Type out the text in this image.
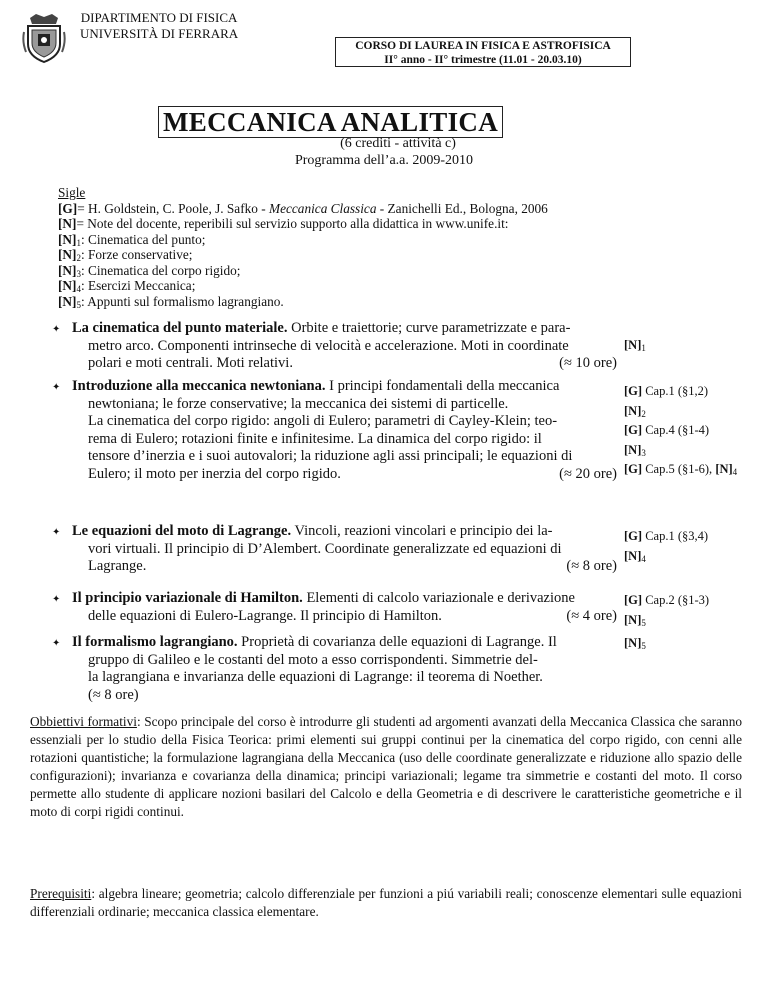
DIPARTIMENTO DI FISICA
UNIVERSITÀ DI FERRARA
CORSO DI LAUREA IN FISICA E ASTROFISICA
II° anno - II° trimestre (11.01 - 20.03.10)
MECCANICA ANALITICA
(6 crediti - attività c)
Programma dell’a.a. 2009-2010
Sigle
[G]= H. Goldstein, C. Poole, J. Safko - Meccanica Classica - Zanichelli Ed., Bologna, 2006
[N]= Note del docente, reperibili sul servizio supporto alla didattica in www.unife.it:
$[N]_1$: Cinematica del punto;
$[N]_2$: Forze conservative;
$[N]_3$: Cinematica del corpo rigido;
$[N]_4$: Esercizi Meccanica;
$[N]_5$: Appunti sul formalismo lagrangiano.
✦ La cinematica del punto materiale. Orbite e traiettorie; curve parametrizzate e para-
metro arco. Componenti intrinseche di velocità e accelerazione. Moti in coordinate
polari e moti centrali. Moti relativi.	(≈ 10 ore)
$[N]_1$
✦ Introduzione alla meccanica newtoniana. I principi fondamentali della meccanica
newtoniana; le forze conservative; la meccanica dei sistemi di particelle.
La cinematica del corpo rigido: angoli di Eulero; parametri di Cayley-Klein; teo-
rema di Eulero; rotazioni finite e infinitesime. La dinamica del corpo rigido: il
tensore d’inerzia e i suoi autovalori; la riduzione agli assi principali; le equazioni di
Eulero; il moto per inerzia del corpo rigido.	(≈ 20 ore)
[G] Cap.1 (§1,2)
$[N]_2$
[G] Cap.4 (§1-4)
$[N]_3$
[G] Cap.5 (§1-6), $[N]_4$
✦ Le equazioni del moto di Lagrange. Vincoli, reazioni vincolari e principio dei la-
vori virtuali. Il principio di D’Alembert. Coordinate generalizzate ed equazioni di
Lagrange.	(≈ 8 ore)
[G] Cap.1 (§3,4)
$[N]_4$
✦ Il principio variazionale di Hamilton. Elementi di calcolo variazionale e derivazione
delle equazioni di Eulero-Lagrange. Il principio di Hamilton.	(≈ 4 ore)
[G] Cap.2 (§1-3)
$[N]_5$
✦ Il formalismo lagrangiano. Proprietà di covarianza delle equazioni di Lagrange. Il
gruppo di Galileo e le costanti del moto a esso corrispondenti. Simmetrie del-
la lagrangiana e invarianza delle equazioni di Lagrange: il teorema di Noether.
(≈ 8 ore)
$[N]_5$
Obbiettivi formativi: Scopo principale del corso è introdurre gli studenti ad argomenti avanzati della Meccanica Classica che saranno essenziali per lo studio della Fisica Teorica: primi elementi sui gruppi continui per la cinematica del corpo rigido, con cenni alle rotazioni quantistiche; la formulazione lagrangiana della Meccanica (uso delle coordinate generalizzate e riduzione allo spazio delle configurazioni); invarianza e covarianza della dinamica; principi variazionali; legame tra simmetrie e costanti del moto. Il corso permette allo studente di applicare nozioni basilari del Calcolo e della Geometria e di descrivere le caratteristiche geometriche e il moto di corpi rigidi continui.
Prerequisiti: algebra lineare; geometria; calcolo differenziale per funzioni a piú variabili reali; conoscenze elementari sulle equazioni differenziali ordinarie; meccanica classica elementare.
